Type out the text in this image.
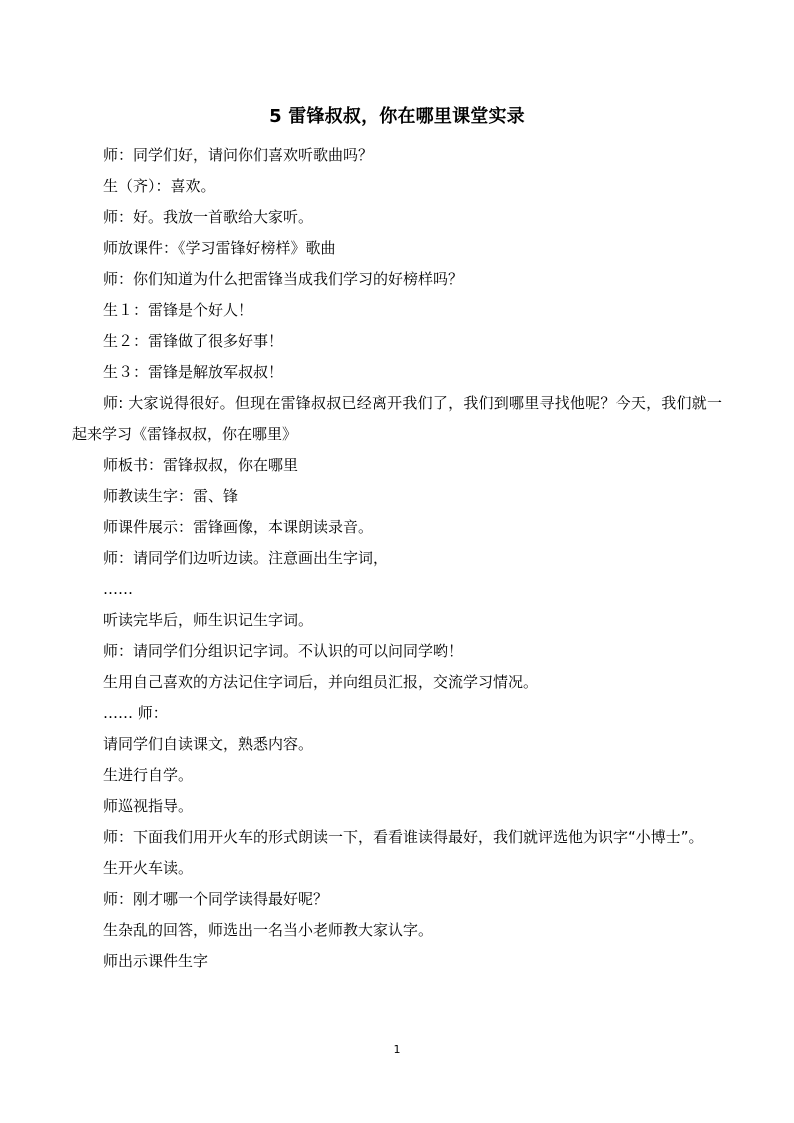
5 雷锋叔叔，你在哪里课堂实录

师：同学们好，请问你们喜欢听歌曲吗？

生（齐）：喜欢。

师：好。我放一首歌给大家听。

师放课件：《学习雷锋好榜样》歌曲

师：你们知道为什么把雷锋当成我们学习的好榜样吗？

生１：雷锋是个好人！

生２：雷锋做了很多好事！

生３：雷锋是解放军叔叔！

师: 大家说得很好。但现在雷锋叔叔已经离开我们了，我们到哪里寻找他呢？今天，我们就一起来学习《雷锋叔叔，你在哪里》

师板书：雷锋叔叔，你在哪里

师教读生字：雷、锋

师课件展示：雷锋画像，本课朗读录音。

师：请同学们边听边读。注意画出生字词，

……

听读完毕后，师生识记生字词。

师：请同学们分组识记字词。不认识的可以问同学哟！

生用自己喜欢的方法记住字词后，并向组员汇报，交流学习情况。

…… 师：

请同学们自读课文，熟悉内容。

生进行自学。

师巡视指导。

师：下面我们用开火车的形式朗读一下，看看谁读得最好，我们就评选他为识字“小博士”。

生开火车读。

师：刚才哪一个同学读得最好呢？

生杂乱的回答，师选出一名当小老师教大家认字。

师出示课件生字

1
